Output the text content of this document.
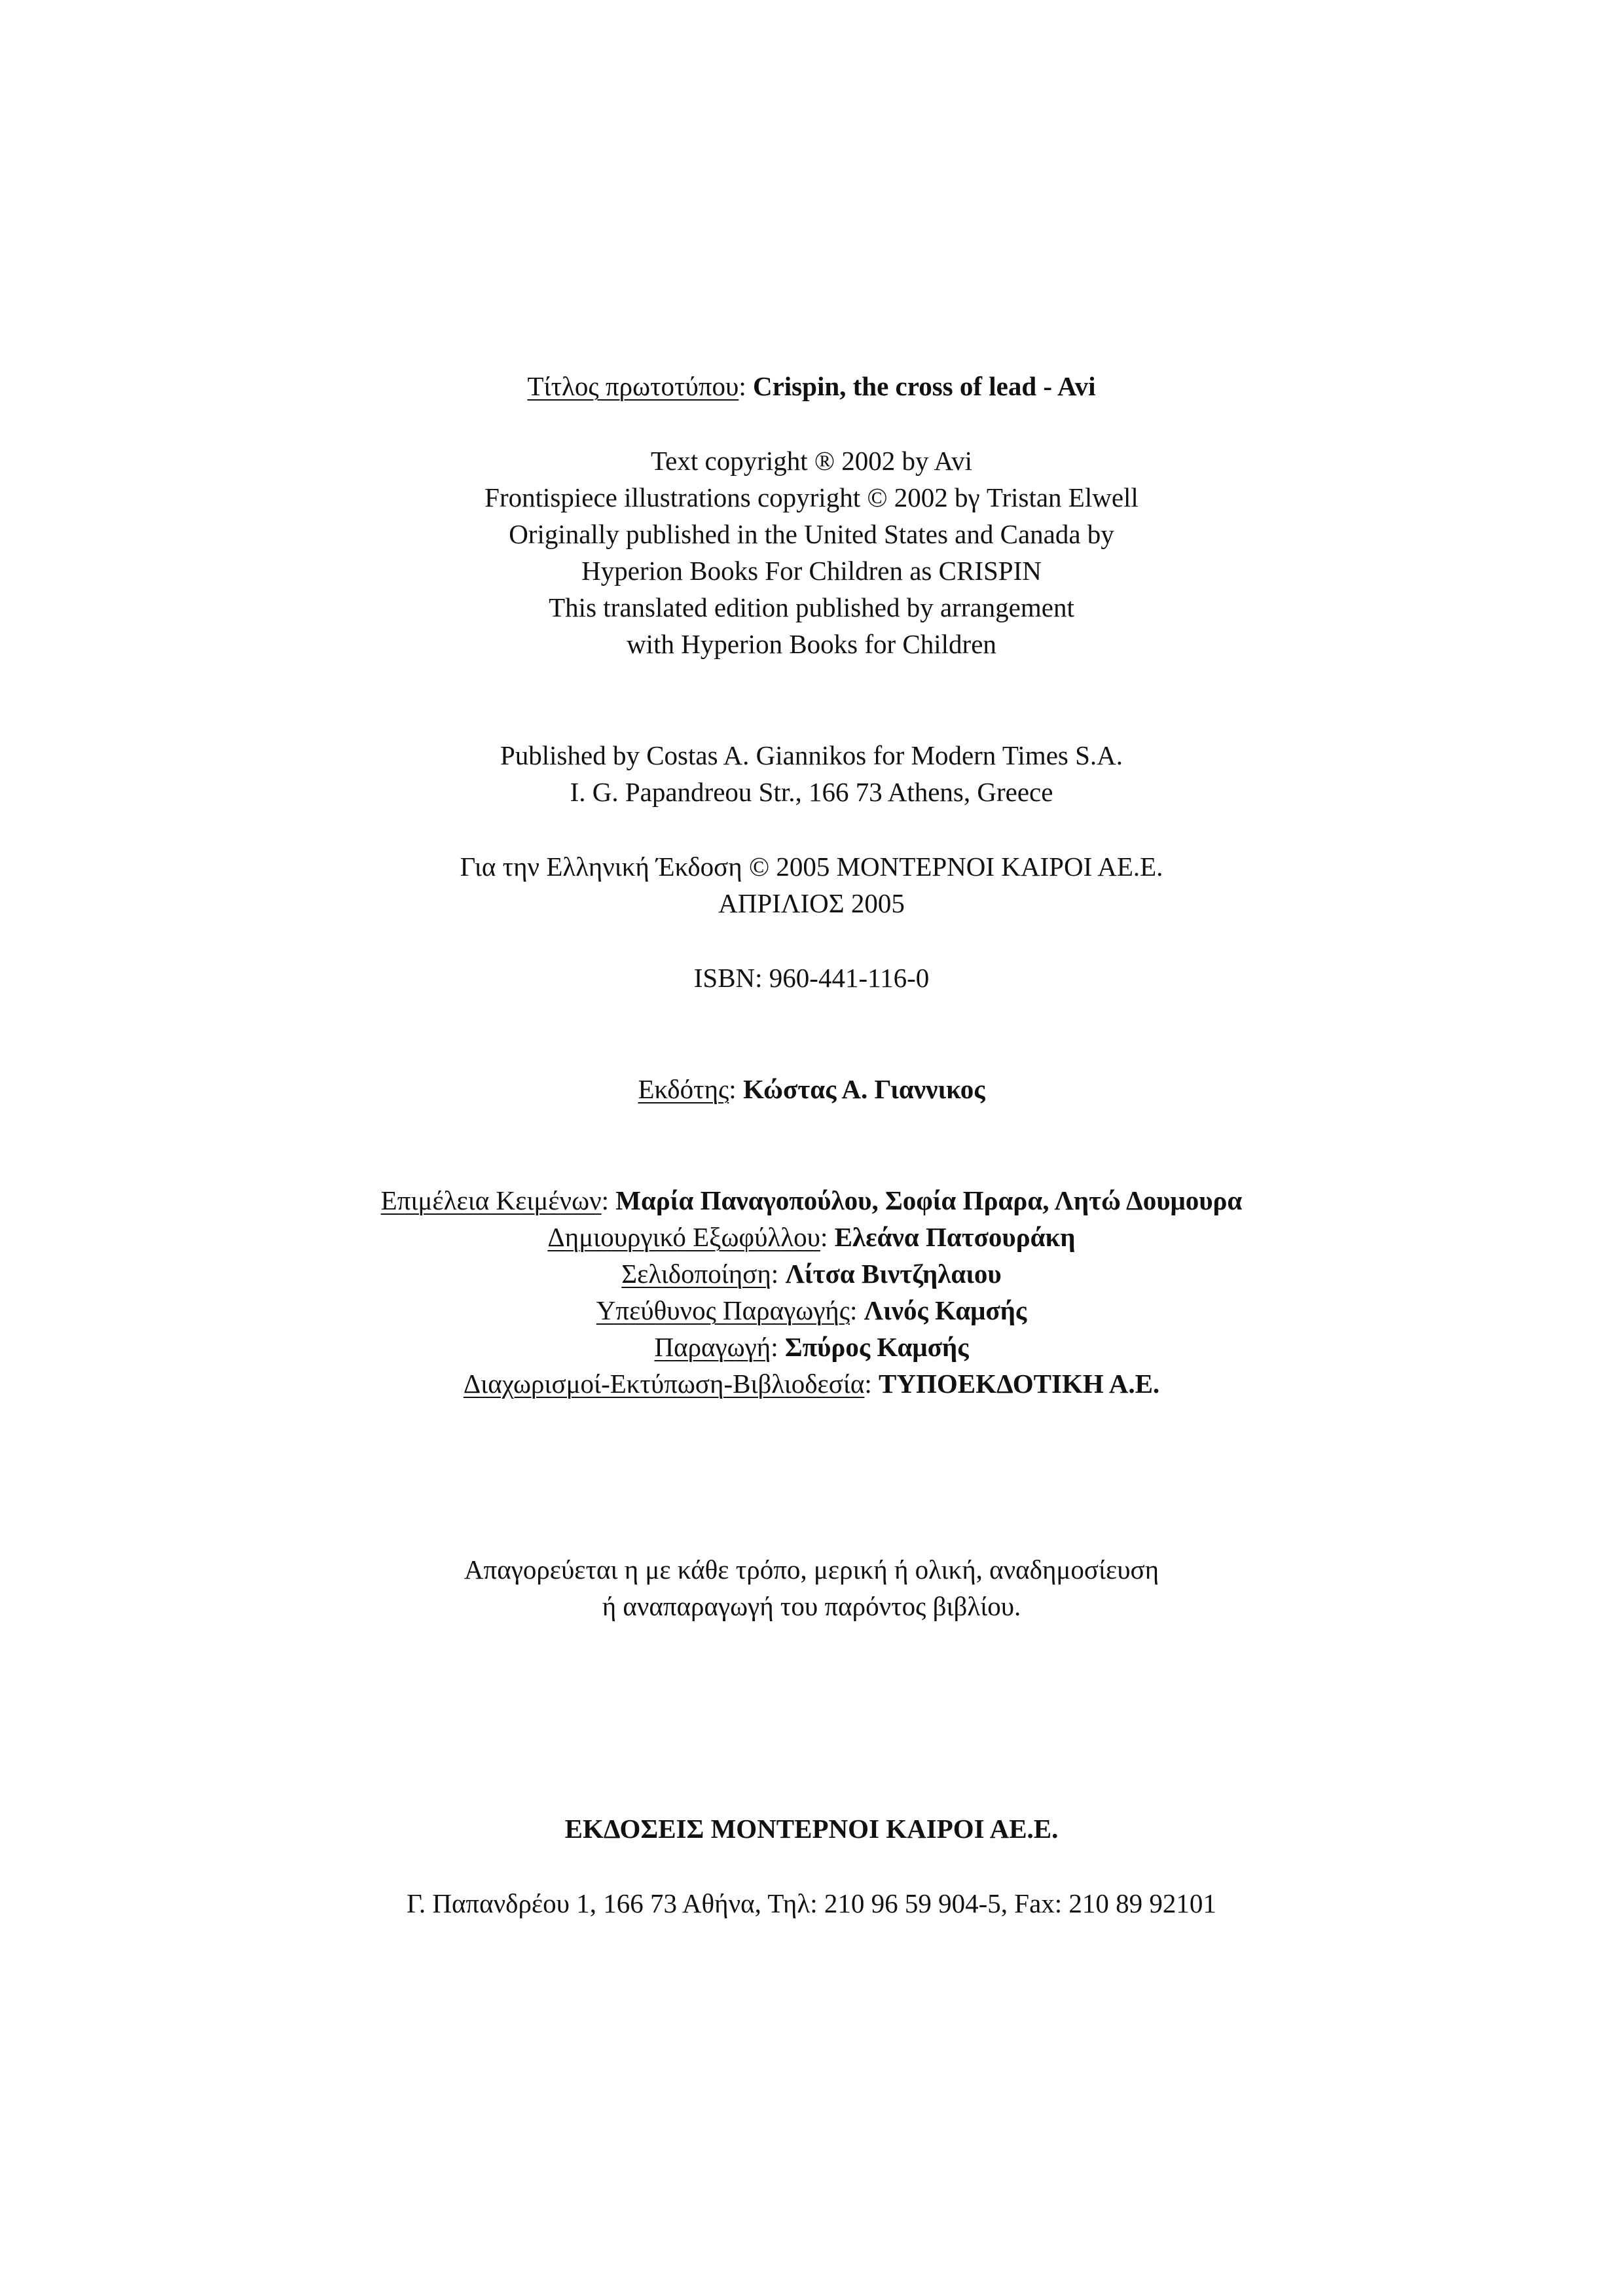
Τίτλος πρωτοτύπου: Crispin, the cross of lead - Avi
Text copyright ® 2002 by Avi
Frontispiece illustrations copyright © 2002 bγ Tristan Elwell
Originally published in the United States and Canada by
Hyperion Books For Children as CRISPIN
This translated edition published by arrangement
with Hyperion Books for Children
Published by Costas A. Giannikos for Modern Times S.A.
I. G. Papandreou Str., 166 73 Athens, Greece
Για την Ελληνική Έκδοση © 2005 ΜΟΝΤΕΡΝΟΙ ΚΑΙΡΟΙ ΑΕ.Ε.
ΑΠΡΙΛΙΟΣ 2005
ISBN: 960-441-116-0
Εκδότης: Κώστας Α. Γιαννικος
Επιμέλεια Κειμένων: Μαρία Παναγοπούλου, Σοφία Πραρα, Λητώ Δουμουρα
Δημιουργικό Εξωφύλλου: Ελεάνα Πατσουράκη
Σελιδοποίηση: Λίτσα Βιντζηλαιου
Υπεύθυνος Παραγωγής: Λινός Καμσής
Παραγωγή: Σπύρος Καμσής
Διαχωρισμοί-Εκτύπωση-Βιβλιοδεσία: ΤΥΠΟΕΚΔΟΤΙΚΗ Α.Ε.
Απαγορεύεται η με κάθε τρόπο, μερική ή ολική, αναδημοσίευση
ή αναπαραγωγή του παρόντος βιβλίου.
ΕΚΔΟΣΕΙΣ ΜΟΝΤΕΡΝΟΙ ΚΑΙΡΟΙ ΑΕ.Ε.
Γ. Παπανδρέου 1, 166 73 Αθήνα, Τηλ: 210 96 59 904-5, Fax: 210 89 92101
